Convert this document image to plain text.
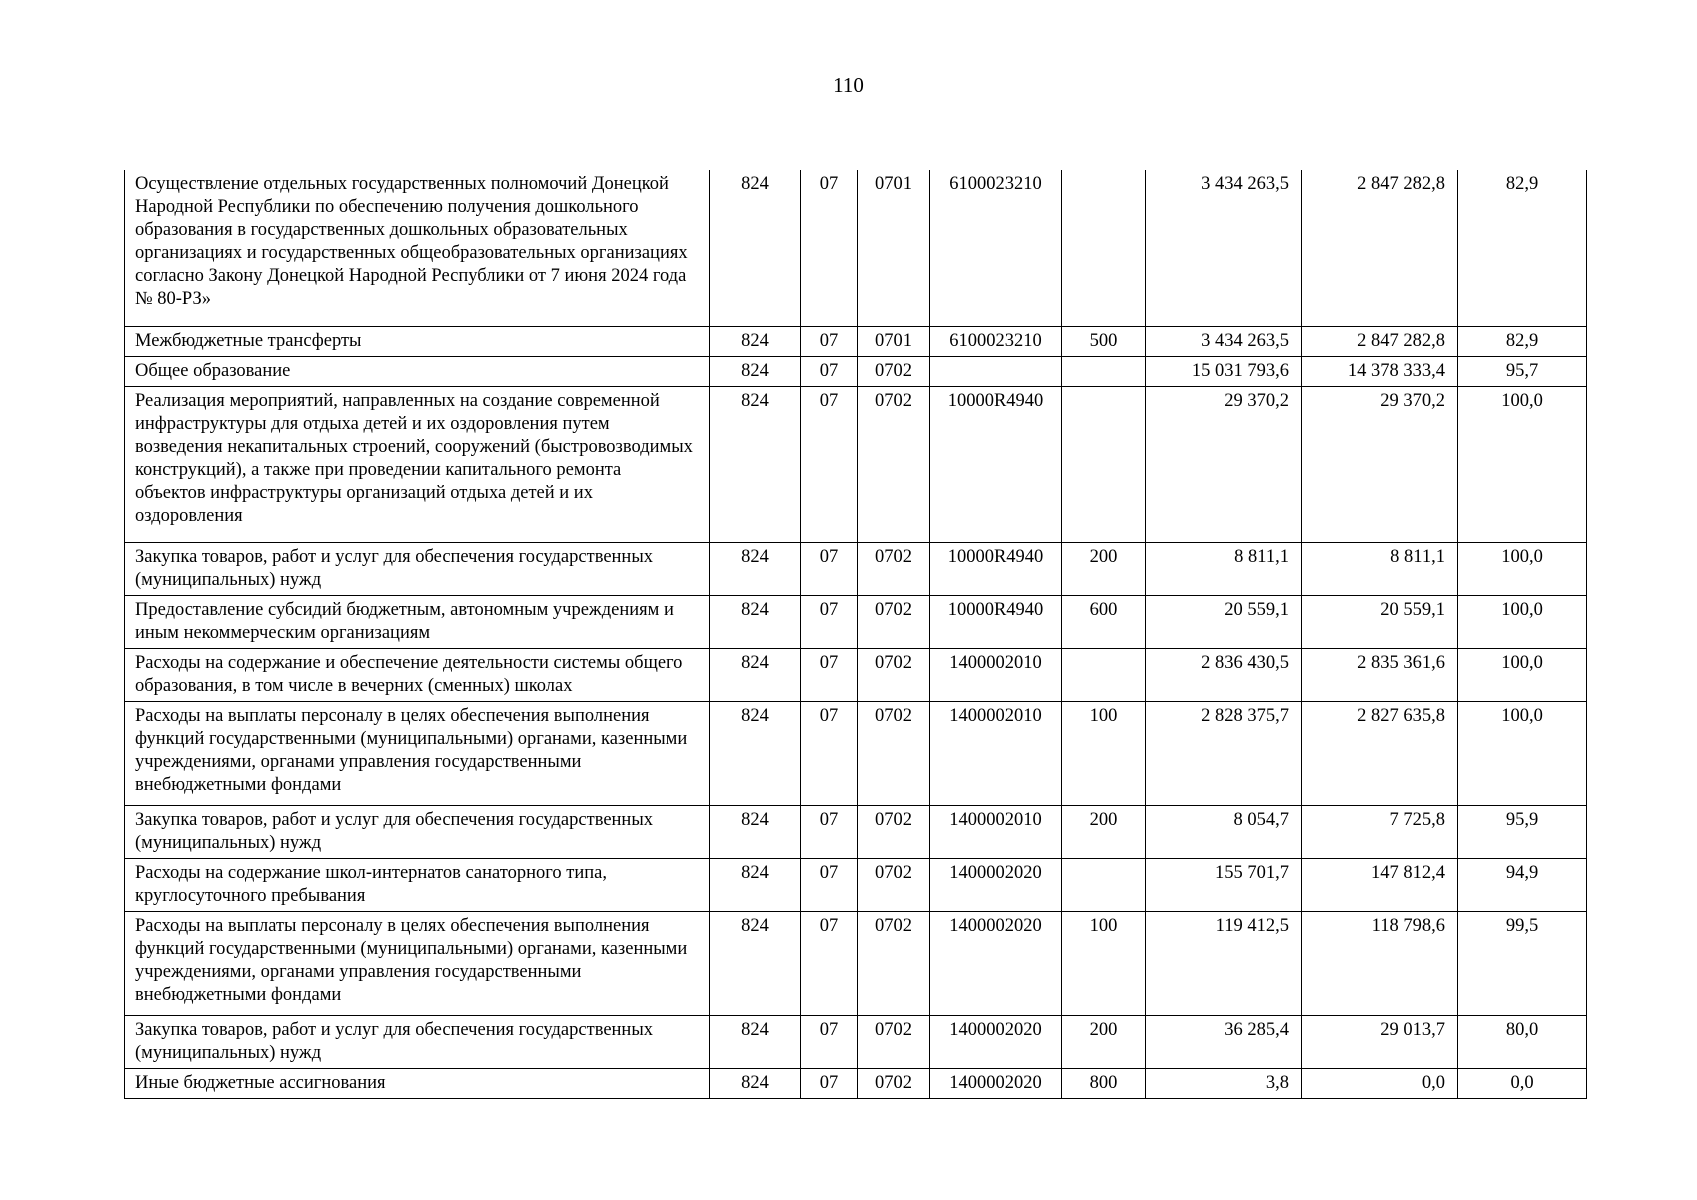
110
Осуществление отдельных государственных полномочий Донецкой Народной Республики по обеспечению получения дошкольного образования в государственных дошкольных образовательных организациях и государственных общеобразовательных организациях согласно Закону Донецкой Народной Республики от 7 июня 2024 года № 80-РЗ»	824	07	0701	6100023210		3 434 263,5	2 847 282,8	82,9
Межбюджетные трансферты	824	07	0701	6100023210	500	3 434 263,5	2 847 282,8	82,9
Общее образование	824	07	0702			15 031 793,6	14 378 333,4	95,7
Реализация мероприятий, направленных на создание современной инфраструктуры для отдыха детей и их оздоровления путем возведения некапитальных строений, сооружений (быстровозводимых конструкций), а также при проведении капитального ремонта объектов инфраструктуры организаций отдыха детей и их оздоровления	824	07	0702	10000R4940		29 370,2	29 370,2	100,0
Закупка товаров, работ и услуг для обеспечения государственных (муниципальных) нужд	824	07	0702	10000R4940	200	8 811,1	8 811,1	100,0
Предоставление субсидий бюджетным, автономным учреждениям и иным некоммерческим организациям	824	07	0702	10000R4940	600	20 559,1	20 559,1	100,0
Расходы на содержание и обеспечение деятельности системы общего образования, в том числе в вечерних (сменных) школах	824	07	0702	1400002010		2 836 430,5	2 835 361,6	100,0
Расходы на выплаты персоналу в целях обеспечения выполнения функций государственными (муниципальными) органами, казенными учреждениями, органами управления государственными внебюджетными фондами	824	07	0702	1400002010	100	2 828 375,7	2 827 635,8	100,0
Закупка товаров, работ и услуг для обеспечения государственных (муниципальных) нужд	824	07	0702	1400002010	200	8 054,7	7 725,8	95,9
Расходы на содержание школ-интернатов санаторного типа, круглосуточного пребывания	824	07	0702	1400002020		155 701,7	147 812,4	94,9
Расходы на выплаты персоналу в целях обеспечения выполнения функций государственными (муниципальными) органами, казенными учреждениями, органами управления государственными внебюджетными фондами	824	07	0702	1400002020	100	119 412,5	118 798,6	99,5
Закупка товаров, работ и услуг для обеспечения государственных (муниципальных) нужд	824	07	0702	1400002020	200	36 285,4	29 013,7	80,0
Иные бюджетные ассигнования	824	07	0702	1400002020	800	3,8	0,0	0,0
